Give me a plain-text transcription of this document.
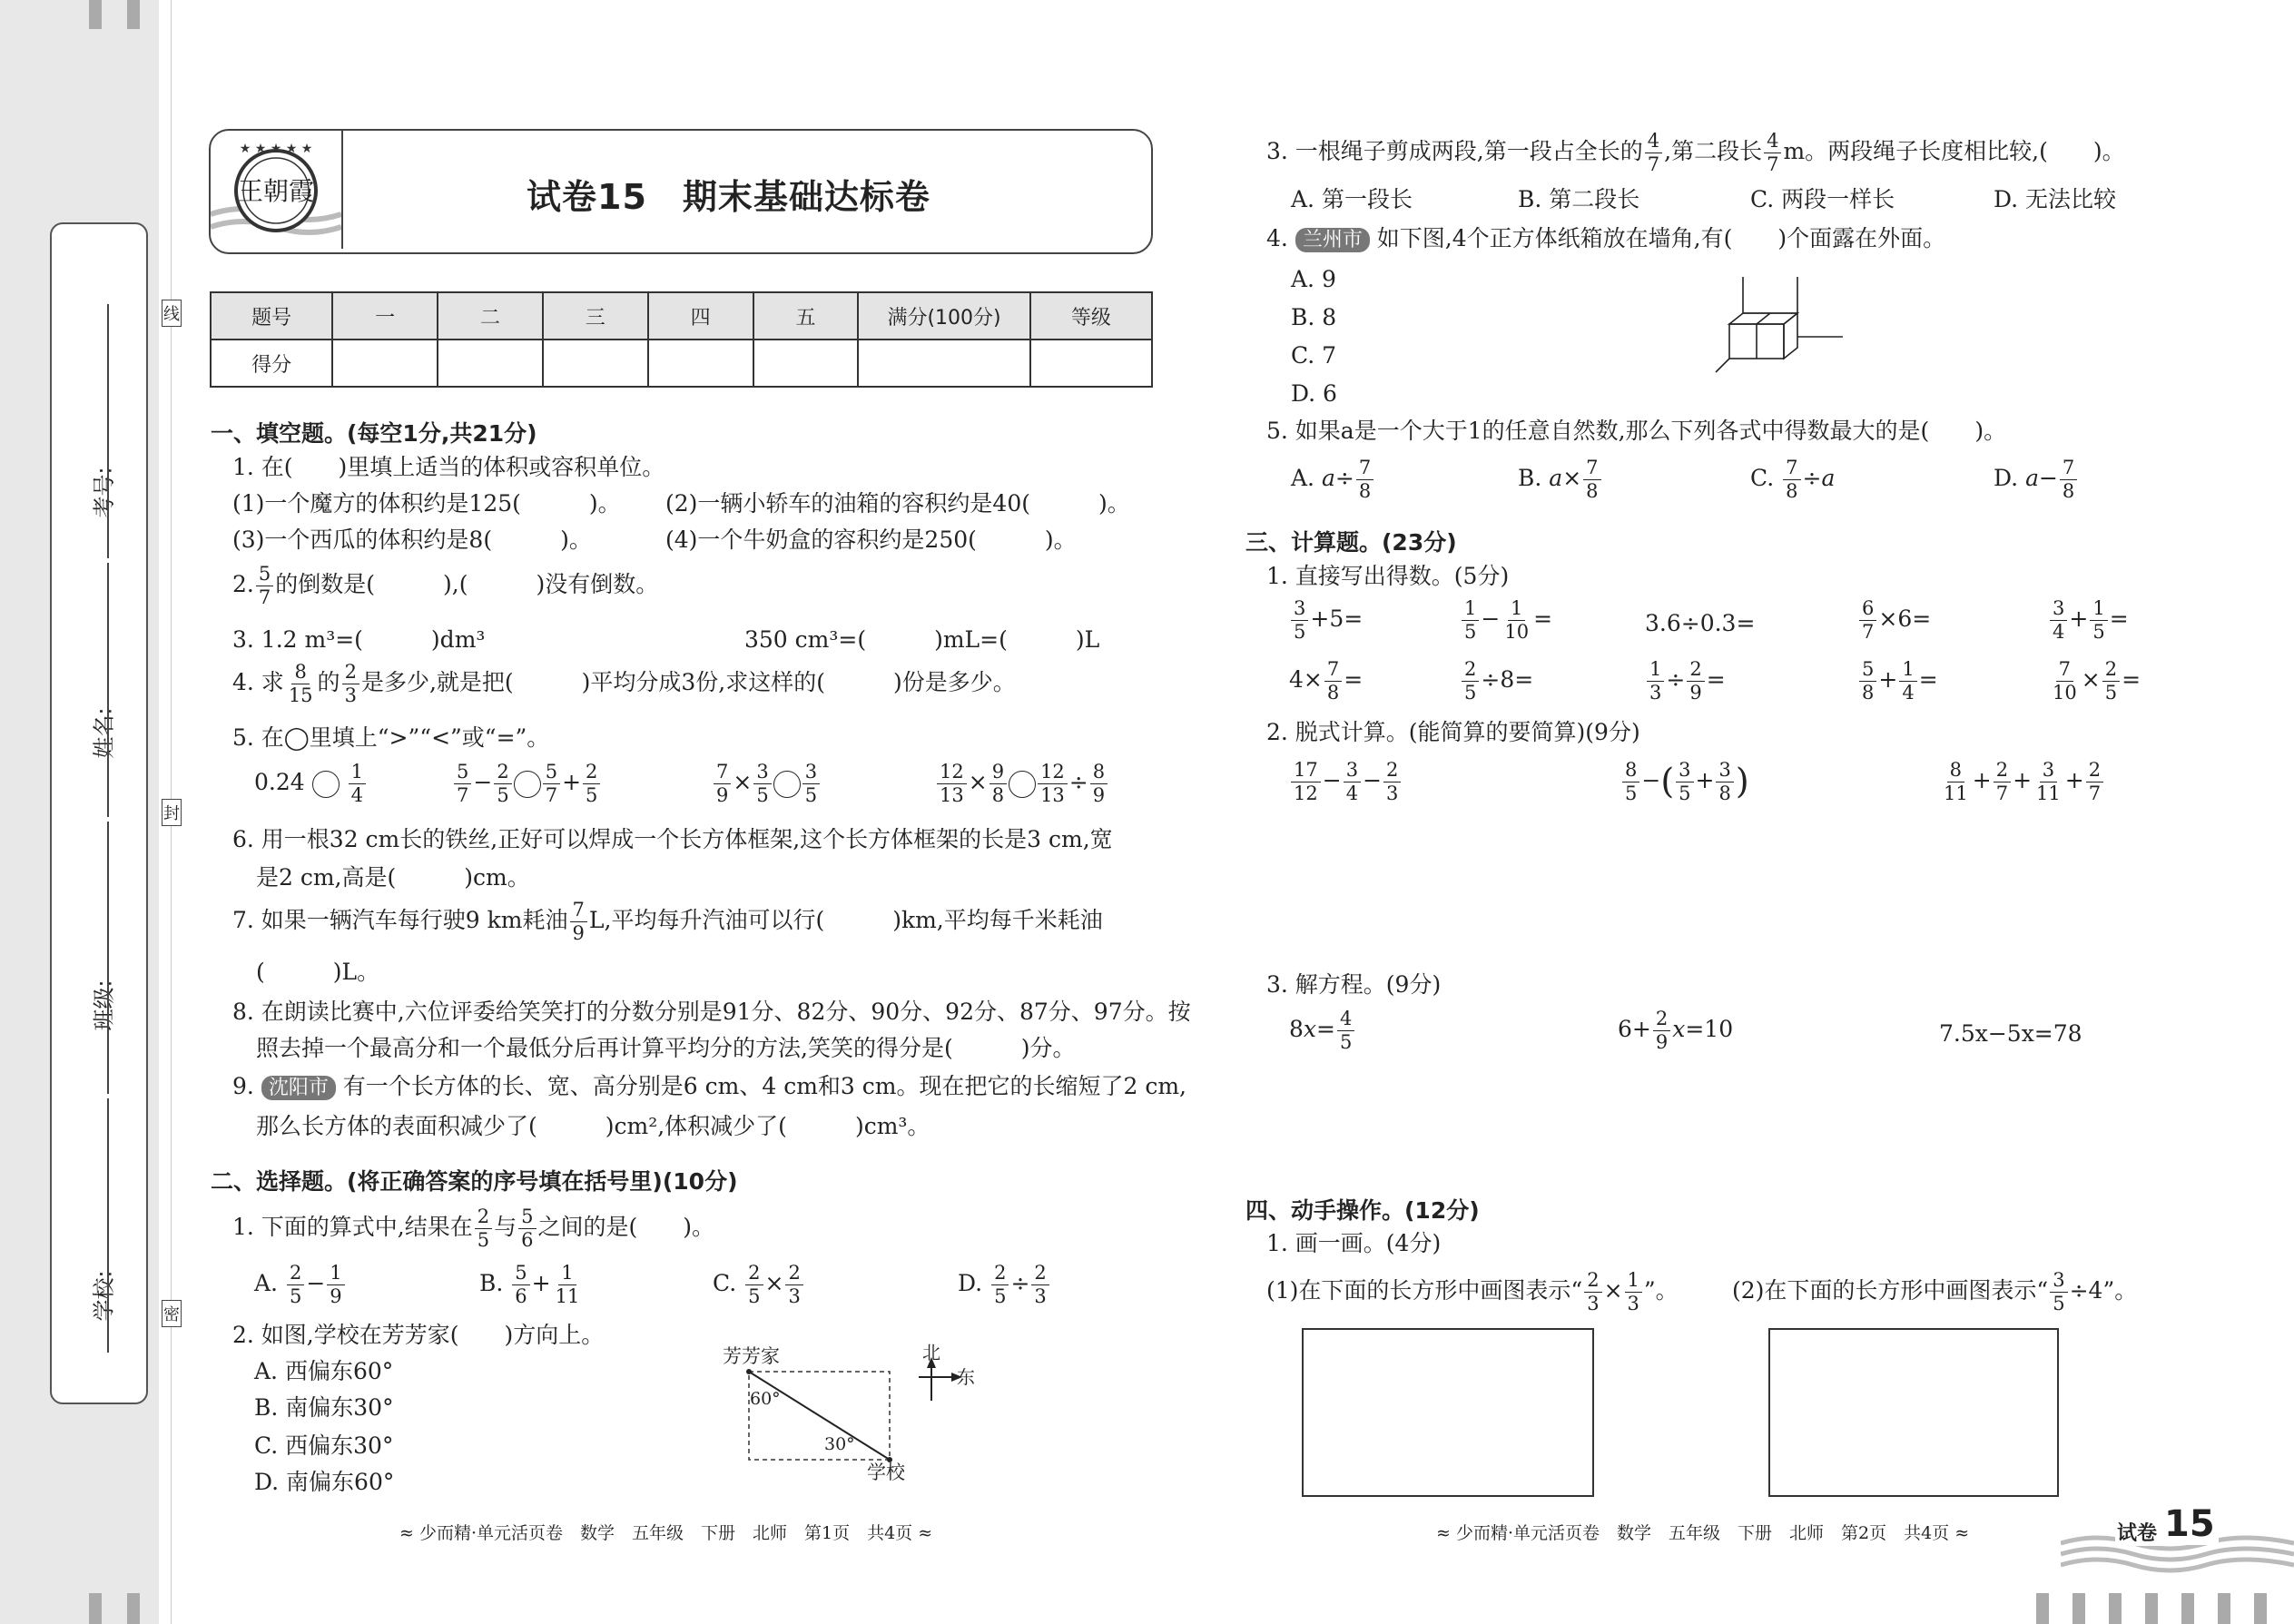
考号:
姓名:
班级:
学校:
线
封
密
★ ★ ★ ★ ★
王朝霞	试卷15　期末基础达标卷
题号	一	二	三	四	五	满分(100分)	等级
得分							
一、填空题。(每空1分,共21分)
1. 在(　　)里填上适当的体积或容积单位。
(1)一个魔方的体积约是125(　　　)。 (2)一辆小轿车的油箱的容积约是40(　　　)。
(3)一个西瓜的体积约是8(　　　)。	(4)一个牛奶盒的容积约是250(　　　)。
2. $\frac{5}{7}$ 的倒数是(　　　),(　　　)没有倒数。
3. 1.2 m³=(　　　)dm³	350 cm³=(　　　)mL=(　　　)L
4. 求 $\frac{8}{15}$ 的 $\frac{2}{3}$ 是多少,就是把(　　　)平均分成3份,求这样的(　　　)份是多少。
5. 在◯里填上“>”“<”或“=”。
$0.24 \frac{1}{4}$	$\frac{5}{7} - \frac{2}{5} \frac{5}{7} + \frac{2}{5}$	$\frac{7}{9} \times \frac{3}{5} \frac{3}{5}$	$\frac{12}{13} \times \frac{9}{8} \frac{12}{13} \div \frac{8}{9}$
6. 用一根32 cm长的铁丝,正好可以焊成一个长方体框架,这个长方体框架的长是3 cm,宽
是2 cm,高是(　　　)cm。
7. 如果一辆汽车每行驶9 km耗油 $\frac{7}{9} L$,平均每升汽油可以行(　　　)km,平均每千米耗油
(　　　)L。
8. 在朗读比赛中,六位评委给笑笑打的分数分别是91分、82分、90分、92分、87分、97分。按
照去掉一个最高分和一个最低分后再计算平均分的方法,笑笑的得分是(　　　)分。
9. 沈阳市 有一个长方体的长、宽、高分别是6 cm、4 cm和3 cm。现在把它的长缩短了2 cm,
那么长方体的表面积减少了(　　　)cm²,体积减少了(　　　)cm³。
二、选择题。(将正确答案的序号填在括号里)(10分)
1. 下面的算式中,结果在 $\frac{2}{5}$ 与 $\frac{5}{6}$ 之间的是(　　)。
A. $\frac{2}{5} - \frac{1}{9}$	B. $\frac{5}{6} + \frac{1}{11}$	C. $\frac{2}{5} \times \frac{2}{3}$	D. $\frac{2}{5} \div \frac{2}{3}$
2. 如图,学校在芳芳家(　　)方向上。
A. 西偏东60°
B. 南偏东30°
C. 西偏东30°
D. 南偏东60°
芳芳家
学校
北
东
60°
30°
≈ 少而精·单元活页卷　数学　五年级　下册　北师　第1页　共4页 ≈
3. 一根绳子剪成两段,第一段占全长的 $\frac{4}{7}$ ,第二段长 $\frac{4}{7}$ m。两段绳子长度相比较,(　　)。
A. 第一段长	B. 第二段长	C. 两段一样长	D. 无法比较
4. 兰州市 如下图,4个正方体纸箱放在墙角,有(　　)个面露在外面。
A. 9
B. 8
C. 7
D. 6
5. 如果a是一个大于1的任意自然数,那么下列各式中得数最大的是(　　)。
A. $a\div \frac{7}{8}$	B. $a\times \frac{7}{8}$	C. $\frac{7}{8} \div a$	D. $a- \frac{7}{8}$
三、计算题。(23分)
1. 直接写出得数。(5分)
$\frac{3}{5} +5=$	$\frac{1}{5} - \frac{1}{10}$ =	3.6÷0.3=	$\frac{6}{7} \times 6=$	$\frac{3}{4} + \frac{1}{5}$ =
$4\times \frac{7}{8}$ =	$\frac{2}{5} \div 8=$	$\frac{1}{3} \div \frac{2}{9}$ =	$\frac{5}{8} + \frac{1}{4}$ =	$\frac{7}{10} \times \frac{2}{5}$ =
2. 脱式计算。(能简算的要简算)(9分)
$\frac{17}{12} - \frac{3}{4} - \frac{2}{3}$	$\frac{8}{5}$ −( $\frac{3}{5} + \frac{3}{8}$ )	$\frac{8}{11} + \frac{2}{7} + \frac{3}{11} + \frac{2}{7}$
3. 解方程。(9分)
$8x= \frac{4}{5}$	$6+ \frac{2}{9} x=10$	7.5x−5x=78
四、动手操作。(12分)
1. 画一画。(4分)
(1)在下面的长方形中画图表示“ $\frac{2}{3} \times \frac{1}{3}$ ”。 (2)在下面的长方形中画图表示“ $\frac{3}{5} \div 4$”。
≈ 少而精·单元活页卷　数学　五年级　下册　北师　第2页　共4页 ≈	试卷 15
